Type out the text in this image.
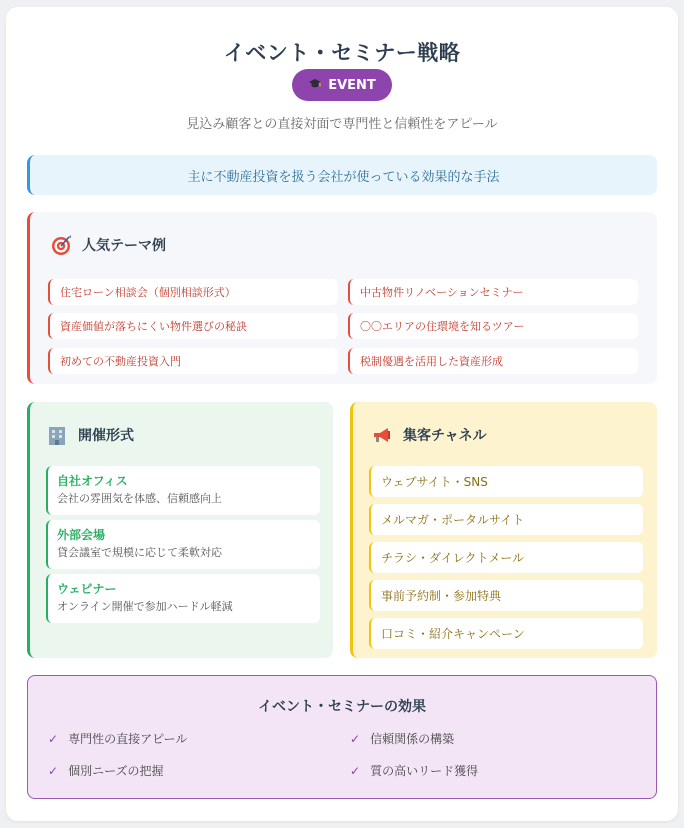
イベント・セミナー戦略
EVENT
見込み顧客との直接対面で専門性と信頼性をアピール
主に不動産投資を扱う会社が使っている効果的な手法
人気テーマ例
住宅ローン相談会（個別相談形式）	中古物件リノベーションセミナー
資産価値が落ちにくい物件選びの秘訣	〇〇エリアの住環境を知るツアー
初めての不動産投資入門	税制優遇を活用した資産形成
開催形式
自社オフィス
会社の雰囲気を体感、信頼感向上
外部会場
貸会議室で規模に応じて柔軟対応
ウェビナー
オンライン開催で参加ハードル軽減
集客チャネル
ウェブサイト・SNS
メルマガ・ポータルサイト
チラシ・ダイレクトメール
事前予約制・参加特典
口コミ・紹介キャンペーン
イベント・セミナーの効果
✓ 専門性の直接アピール	✓ 信頼関係の構築
✓ 個別ニーズの把握	✓ 質の高いリード獲得
